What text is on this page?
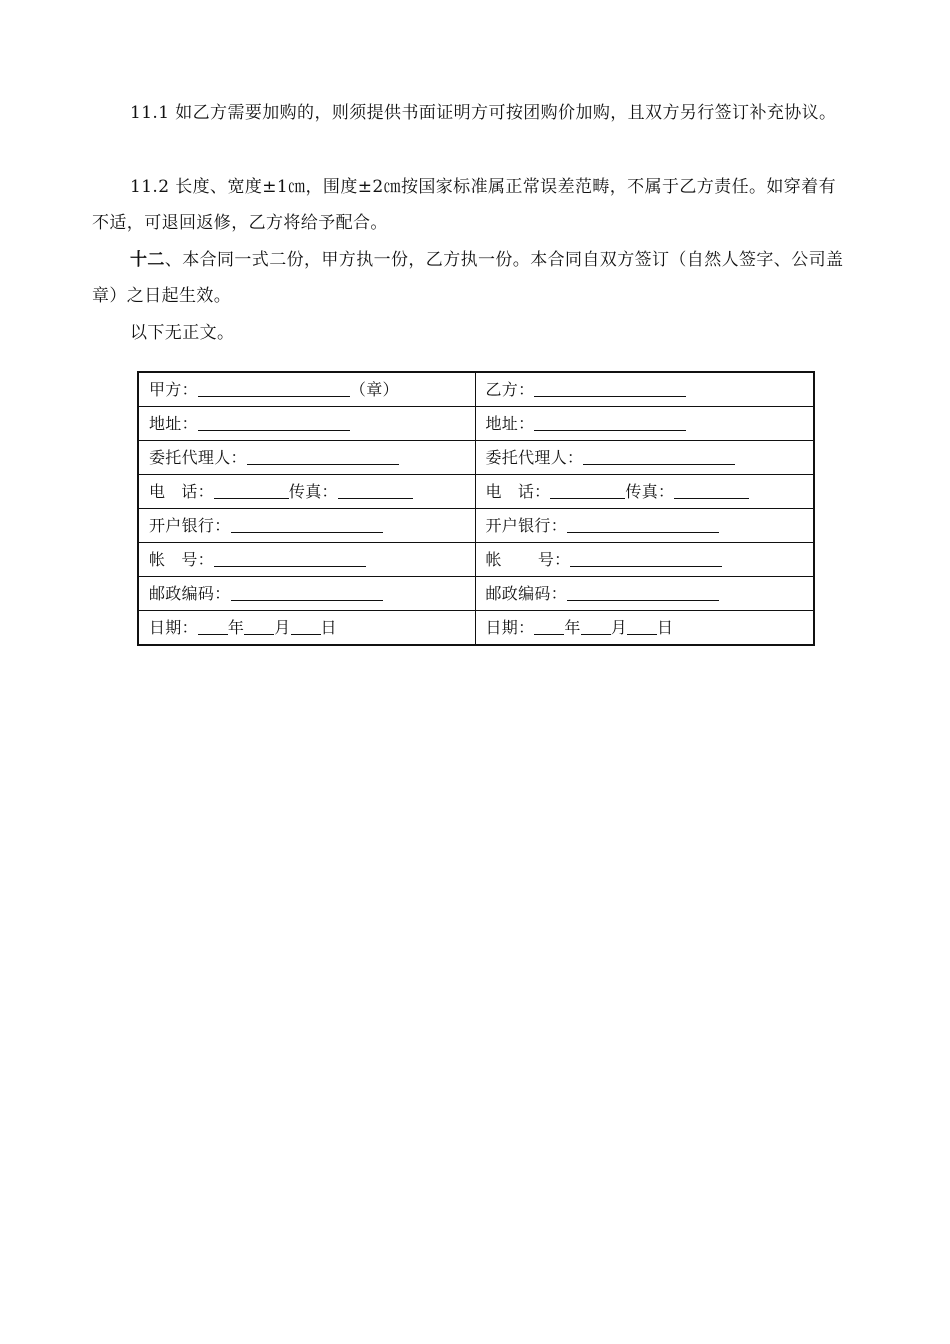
11.1 如乙方需要加购的，则须提供书面证明方可按团购价加购，且双方另行签订补充协议。
11.2 长度、宽度±1㎝，围度±2㎝按国家标准属正常误差范畴，不属于乙方责任。如穿着有不适，可退回返修，乙方将给予配合。
十二、本合同一式二份，甲方执一份，乙方执一份。本合同自双方签订（自然人签字、公司盖章）之日起生效。
以下无正文。
甲方： （章）	乙方：
地址：	地址：
委托代理人：	委托代理人：
电 话： 传真：	电 话： 传真：
开户银行：	开户银行：
帐 号：	帐 号：
邮政编码：	邮政编码：
日期： 年 月 日	日期： 年 月 日
